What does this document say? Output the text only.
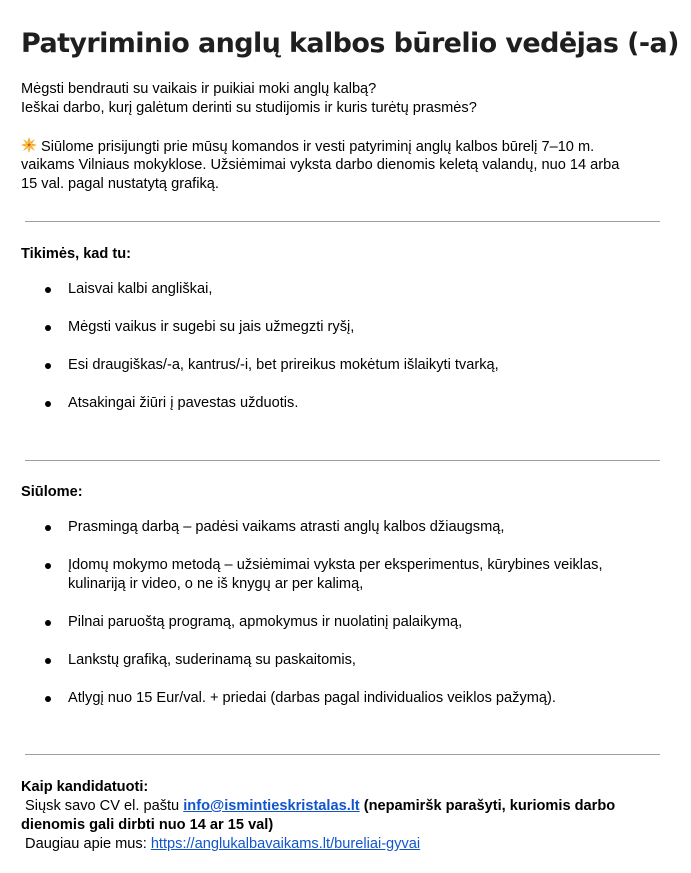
Patyriminio anglų kalbos būrelio vedėjas (-a)
Mėgsti bendrauti su vaikais ir puikiai moki anglų kalbą?
Ieškai darbo, kurį galėtum derinti su studijomis ir kuris turėtų prasmės?
Siūlome prisijungti prie mūsų komandos ir vesti patyriminį anglų kalbos būrelį 7–10 m.
vaikams Vilniaus mokyklose. Užsiėmimai vyksta darbo dienomis keletą valandų, nuo 14 arba
15 val. pagal nustatytą grafiką.
Tikimės, kad tu:
Laisvai kalbi angliškai,
Mėgsti vaikus ir sugebi su jais užmegzti ryšį,
Esi draugiškas/-a, kantrus/-i, bet prireikus mokėtum išlaikyti tvarką,
Atsakingai žiūri į pavestas užduotis.
Siūlome:
Prasmingą darbą – padėsi vaikams atrasti anglų kalbos džiaugsmą,
Įdomų mokymo metodą – užsiėmimai vyksta per eksperimentus, kūrybines veiklas,
kulinariją ir video, o ne iš knygų ar per kalimą,
Pilnai paruoštą programą, apmokymus ir nuolatinį palaikymą,
Lankstų grafiką, suderinamą su paskaitomis,
Atlygį nuo 15 Eur/val. + priedai (darbas pagal individualios veiklos pažymą).
Kaip kandidatuoti:
Siųsk savo CV el. paštu info@ismintieskristalas.lt (nepamiršk parašyti, kuriomis darbo
dienomis gali dirbti nuo 14 ar 15 val)
Daugiau apie mus: https://anglukalbavaikams.lt/bureliai-gyvai
